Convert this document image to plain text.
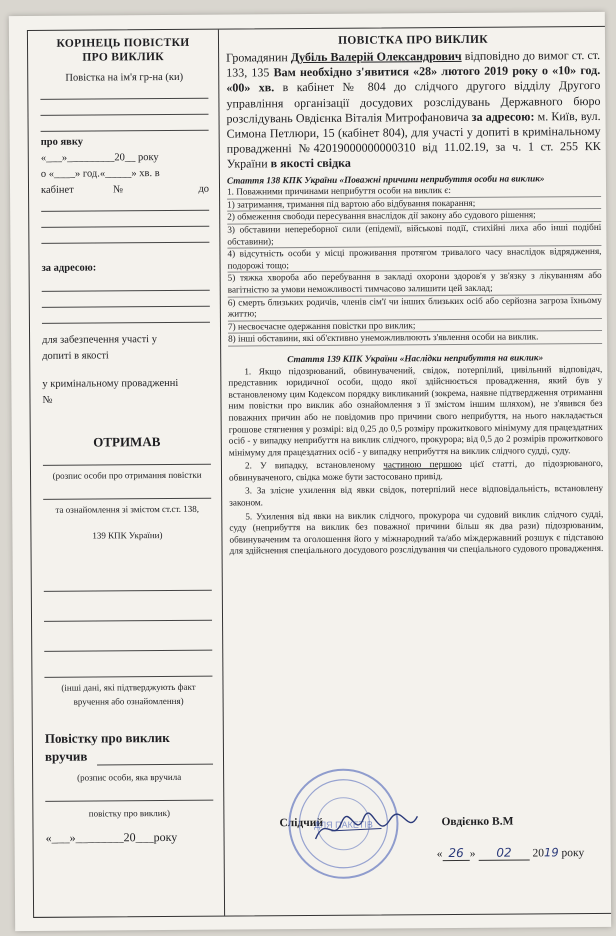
КОРІНЕЦЬ ПОВІСТКИ
ПРО ВИКЛИК
Повістка на ім'я гр-на (ки)
про явку
«___»_________20__ року
о «____» год.«_____» хв. в
кабінет	№	до
за адресою:
для забезпечення участі у
допиті в якості
у кримінальному провадженні
№
ОТРИМАВ
(розпис особи про отримання повістки
та ознайомлення зі змістом ст.ст. 138,
139 КПК України)
(інші дані, які підтверджують факт
вручення або ознайомлення)
Повістку про виклик
вручив
(розпис особи, яка вручила
повістку про виклик)
«___»________20___року
ПОВІСТКА ПРО ВИКЛИК
Громадянин Дубіль Валерій Олександрович відповідно до вимог ст. ст. 133, 135 Вам необхідно з'явитися «28» лютого 2019 року о «10» год. «00» хв. в кабінет № 804 до слідчого другого відділу Другого управління організації досудових розслідувань Державного бюро розслідувань Овдієнка Віталія Митрофановича за адресою: м. Київ, вул. Симона Петлюри, 15 (кабінет 804), для участі у допиті в кримінальному провадженні №42019000000000310 від 11.02.19, за ч. 1 ст. 255 КК України в якості свідка

Стаття 138 КПК України «Поважні причини неприбуття особи на виклик»

1. Поважними причинами неприбуття особи на виклик є:

1) затримання, тримання під вартою або відбування покарання;

2) обмеження свободи пересування внаслідок дії закону або судового рішення;

3) обставини непереборної сили (епідемії, військові події, стихійні лиха або інші подібні обставини);

4) відсутність особи у місці проживання протягом тривалого часу внаслідок відрядження, подорожі тощо;

5) тяжка хвороба або перебування в закладі охорони здоров'я у зв'язку з лікуванням або вагітністю за умови неможливості тимчасово залишити цей заклад;

6) смерть близьких родичів, членів сім'ї чи інших близьких осіб або серйозна загроза їхньому життю;

7) несвоєчасне одержання повістки про виклик;

8) інші обставини, які об'єктивно унеможливлюють з'явлення особи на виклик.

Стаття 139 КПК України «Наслідки неприбуття на виклик»

1. Якщо підозрюваний, обвинувачений, свідок, потерпілий, цивільний відповідач, представник юридичної особи, щодо якої здійснюється провадження, який був у встановленому цим Кодексом порядку викликаний (зокрема, наявне підтвердження отримання ним повістки про виклик або ознайомлення з її змістом іншим шляхом), не з'явився без поважних причин або не повідомив про причини свого неприбуття, на нього накладається грошове стягнення у розмірі: від 0,25 до 0,5 розміру прожиткового мінімуму для працездатних осіб - у випадку неприбуття на виклик слідчого, прокурора; від 0,5 до 2 розмірів прожиткового мінімуму для працездатних осіб - у випадку неприбуття на виклик слідчого судді, суду.

2. У випадку, встановленому частиною першою цієї статті, до підозрюваного, обвинуваченого, свідка може бути застосовано привід.

3. За злісне ухилення від явки свідок, потерпілий несе відповідальність, встановлену законом.

5. Ухилення від явки на виклик слідчого, прокурора чи судовий виклик слідчого судді, суду (неприбуття на виклик без поважної причини більш як два рази) підозрюваним, обвинуваченим та оголошення його у міжнародний та/або міждержавний розшук є підставою для здійснення спеціального досудового розслідування чи спеціального судового провадження.

Слідчий	Овдієнко В.М
« 26 » 02 2019 року
ДЛЯ ПАКЕТІВ
